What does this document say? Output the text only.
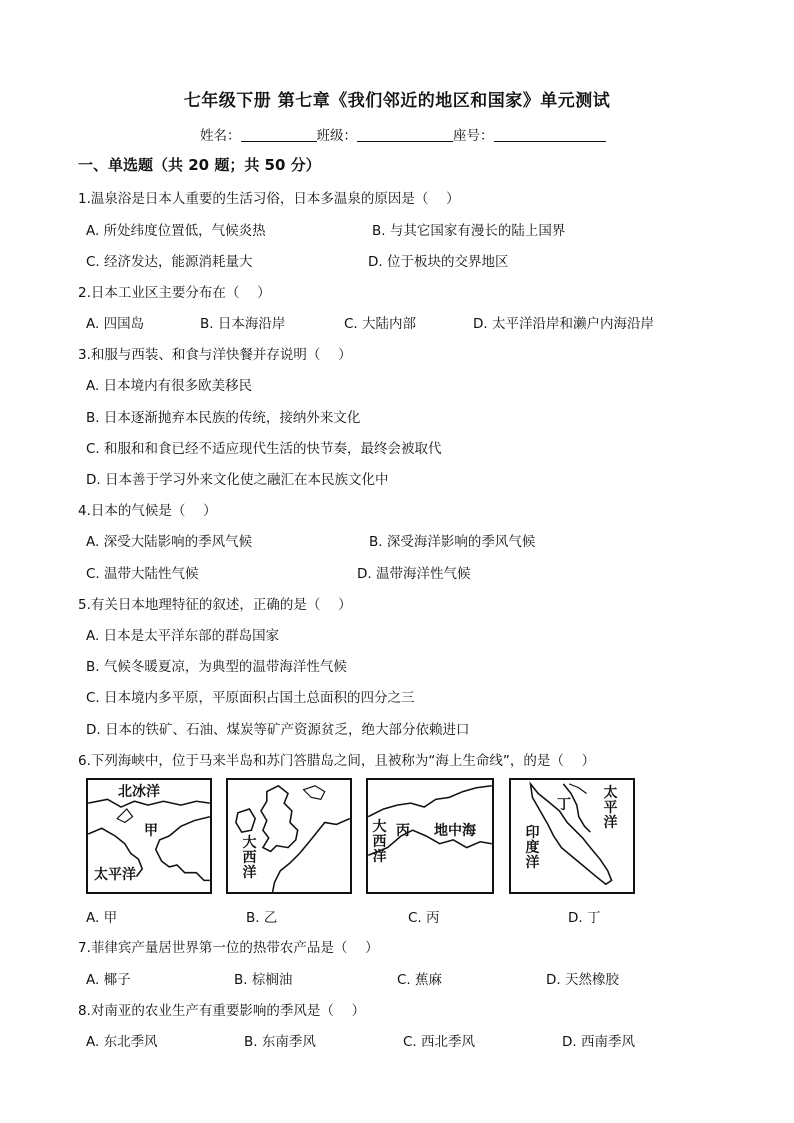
七年级下册 第七章《我们邻近的地区和国家》单元测试
姓名：	班级：	座号：
一、单选题（共 20 题；共 50 分）
1.温泉浴是日本人重要的生活习俗，日本多温泉的原因是（　 ）
A. 所处纬度位置低，气候炎热	B. 与其它国家有漫长的陆上国界
C. 经济发达，能源消耗量大	D. 位于板块的交界地区
2.日本工业区主要分布在（　 ）
A. 四国岛	B. 日本海沿岸	C. 大陆内部	D. 太平洋沿岸和濑户内海沿岸
3.和服与西装、和食与洋快餐并存说明（　 ）
A. 日本境内有很多欧美移民
B. 日本逐渐抛弃本民族的传统，接纳外来文化
C. 和服和和食已经不适应现代生活的快节奏，最终会被取代
D. 日本善于学习外来文化使之融汇在本民族文化中
4.日本的气候是（　 ）
A. 深受大陆影响的季风气候	B. 深受海洋影响的季风气候
C. 温带大陆性气候	D. 温带海洋性气候
5.有关日本地理特征的叙述，正确的是（　 ）
A. 日本是太平洋东部的群岛国家
B. 气候冬暖夏凉，为典型的温带海洋性气候
C. 日本境内多平原，平原面积占国土总面积的四分之三
D. 日本的铁矿、石油、煤炭等矿产资源贫乏，绝大部分依赖进口
6.下列海峡中，位于马来半岛和苏门答腊岛之间，且被称为“海上生命线”，的是（　 ）
北冰洋
甲
太平洋
大西洋
大西洋
丙 地中海
丁
太平洋
印度洋
A. 甲	B. 乙	C. 丙	D. 丁
7.菲律宾产量居世界第一位的热带农产品是（　 ）
A. 椰子	B. 棕榈油	C. 蕉麻	D. 天然橡胶
8.对南亚的农业生产有重要影响的季风是（　 ）
A. 东北季风	B. 东南季风	C. 西北季风	D. 西南季风
